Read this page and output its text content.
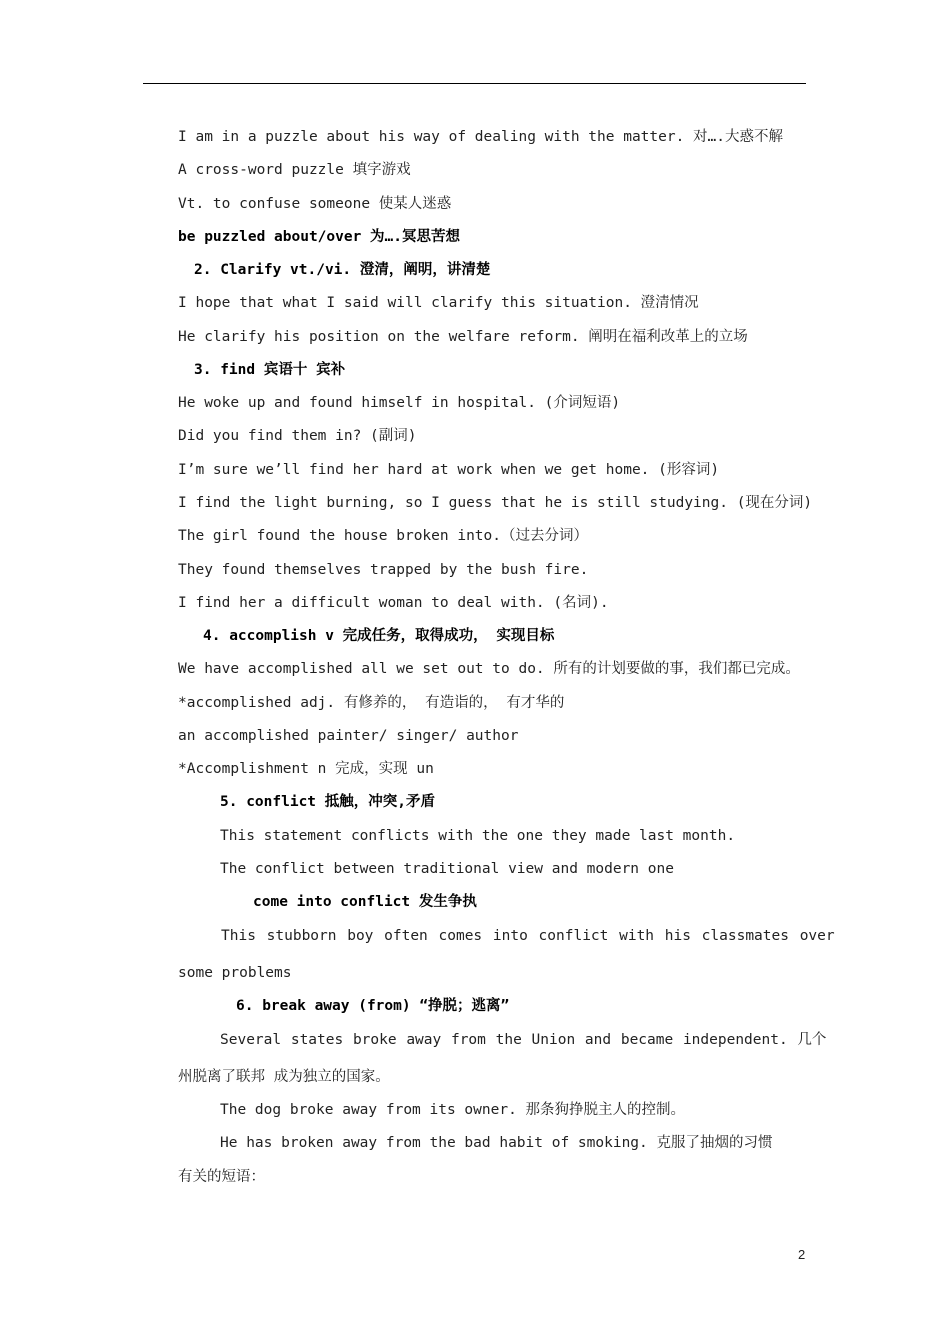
I am in a puzzle about his way of dealing with the matter. 对….大惑不解
A cross-word puzzle 填字游戏
Vt. to confuse someone 使某人迷惑
be puzzled about/over 为….冥思苦想
2. Clarify vt./vi. 澄清，阐明，讲清楚
I hope that what I said will clarify this situation. 澄清情况
He clarify his position on the welfare reform. 阐明在福利改革上的立场
3. find 宾语十 宾补
He woke up and found himself in hospital. (介词短语)
Did you find them in? (副词)
I’m sure we’ll find her hard at work when we get home. (形容词)
I find the light burning, so I guess that he is still studying. (现在分词)
The girl found the house broken into.（过去分词）
They found themselves trapped by the bush fire.
I find her a difficult woman to deal with. (名词).
4. accomplish v 完成任务，取得成功， 实现目标
We have accomplished all we set out to do. 所有的计划要做的事，我们都已完成。
*accomplished adj. 有修养的， 有造诣的， 有才华的
an accomplished painter/ singer/ author
*Accomplishment n 完成，实现 un
5. conflict 抵触，冲突,矛盾
This statement conflicts with the one they made last month.
The conflict between traditional view and modern one
come into conflict 发生争执
This stubborn boy often comes into conflict with his classmates over
some problems
6. break away (from) “挣脱；逃离”
Several states broke away from the Union and became independent. 几个
州脱离了联邦 成为独立的国家。
The dog broke away from its owner. 那条狗挣脱主人的控制。
He has broken away from the bad habit of smoking. 克服了抽烟的习惯
有关的短语：
2
